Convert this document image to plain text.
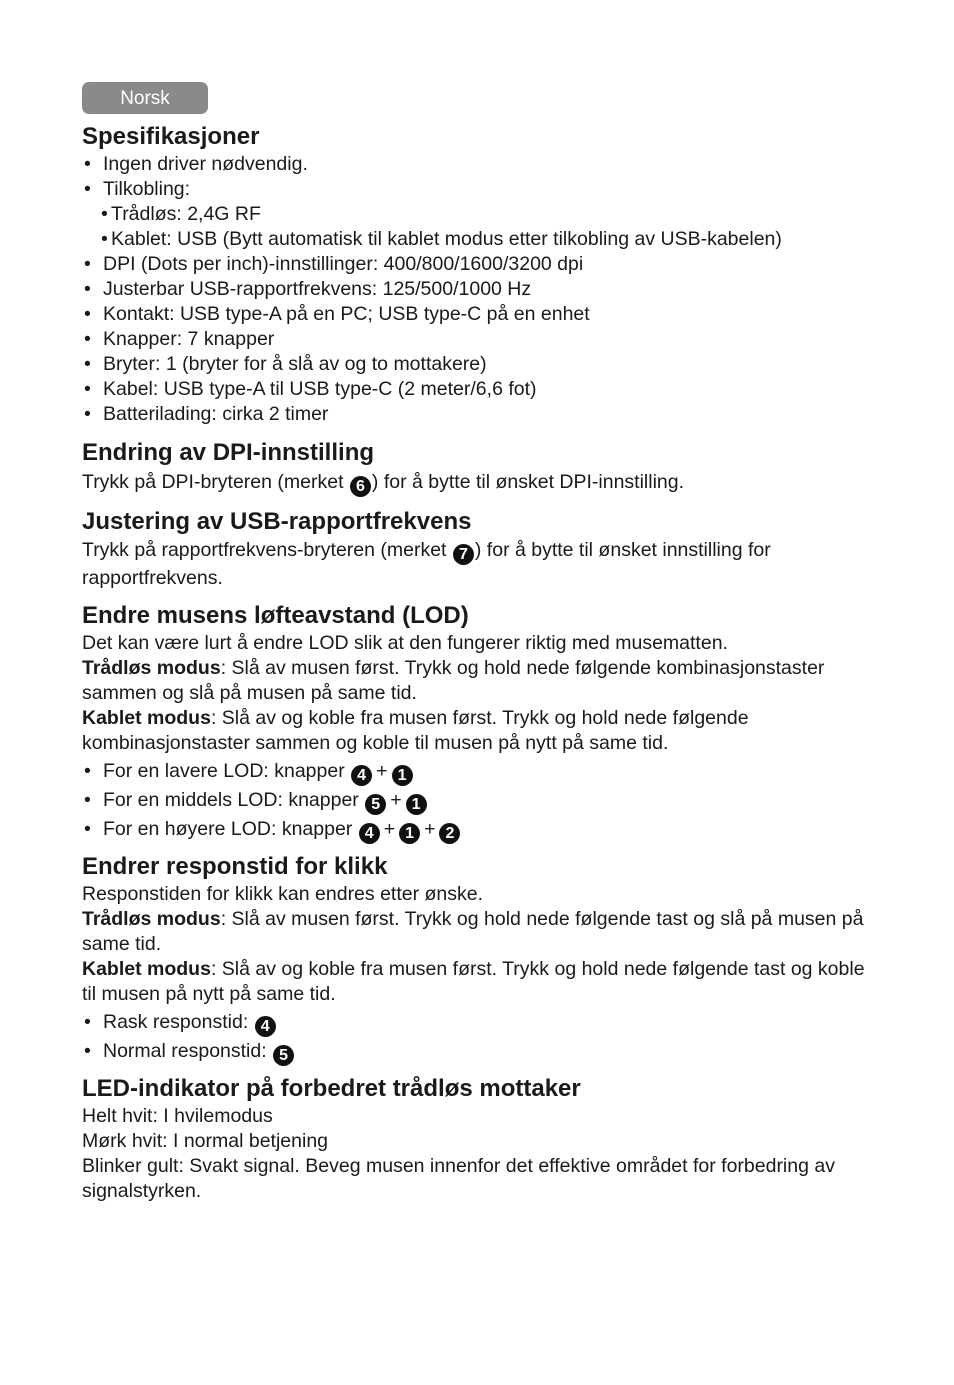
Norsk
Spesifikasjoner
• Ingen driver nødvendig.
• Tilkobling:
• Trådløs: 2,4G RF
• Kablet: USB (Bytt automatisk til kablet modus etter tilkobling av USB-kabelen)
• DPI (Dots per inch)-innstillinger: 400/800/1600/3200 dpi
• Justerbar USB-rapportfrekvens: 125/500/1000 Hz
• Kontakt: USB type-A på en PC; USB type-C på en enhet
• Knapper: 7 knapper
• Bryter: 1 (bryter for å slå av og to mottakere)
• Kabel: USB type-A til USB type-C (2 meter/6,6 fot)
• Batterilading: cirka 2 timer
Endring av DPI-innstilling

Trykk på DPI-bryteren (merket 6 ) for å bytte til ønsket DPI-innstilling.

Justering av USB-rapportfrekvens

Trykk på rapportfrekvens-bryteren (merket 7 ) for å bytte til ønsket innstilling for rapportfrekvens.

Endre musens løfteavstand (LOD)

Det kan være lurt å endre LOD slik at den fungerer riktig med musematten.

Trådløs modus: Slå av musen først. Trykk og hold nede følgende kombinasjonstaster sammen og slå på musen på same tid.

Kablet modus: Slå av og koble fra musen først. Trykk og hold nede følgende kombinasjonstaster sammen og koble til musen på nytt på same tid.

• For en lavere LOD: knapper 4 + 1
• For en middels LOD: knapper 5 + 1
• For en høyere LOD: knapper 4 + 1 + 2
Endrer responstid for klikk

Responstiden for klikk kan endres etter ønske.

Trådløs modus: Slå av musen først. Trykk og hold nede følgende tast og slå på musen på same tid.

Kablet modus: Slå av og koble fra musen først. Trykk og hold nede følgende tast og koble til musen på nytt på same tid.

• Rask responstid: 4
• Normal responstid: 5
LED-indikator på forbedret trådløs mottaker

Helt hvit: I hvilemodus

Mørk hvit: I normal betjening

Blinker gult: Svakt signal. Beveg musen innenfor det effektive området for forbedring av signalstyrken.
